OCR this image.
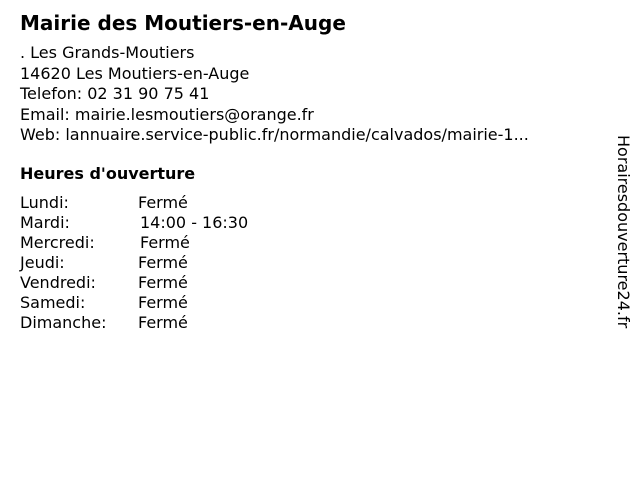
Mairie des Moutiers-en-Auge
. Les Grands-Moutiers
14620 Les Moutiers-en-Auge
Telefon: 02 31 90 75 41
Email: mairie.lesmoutiers@orange.fr
Web: lannuaire.service-public.fr/normandie/calvados/mairie-1...
Heures d'ouverture
Lundi:	Fermé
Mardi:	14:00 - 16:30
Mercredi:	Fermé
Jeudi:	Fermé
Vendredi:	Fermé
Samedi:	Fermé
Dimanche: Fermé	Horairesdouverture24.fr
